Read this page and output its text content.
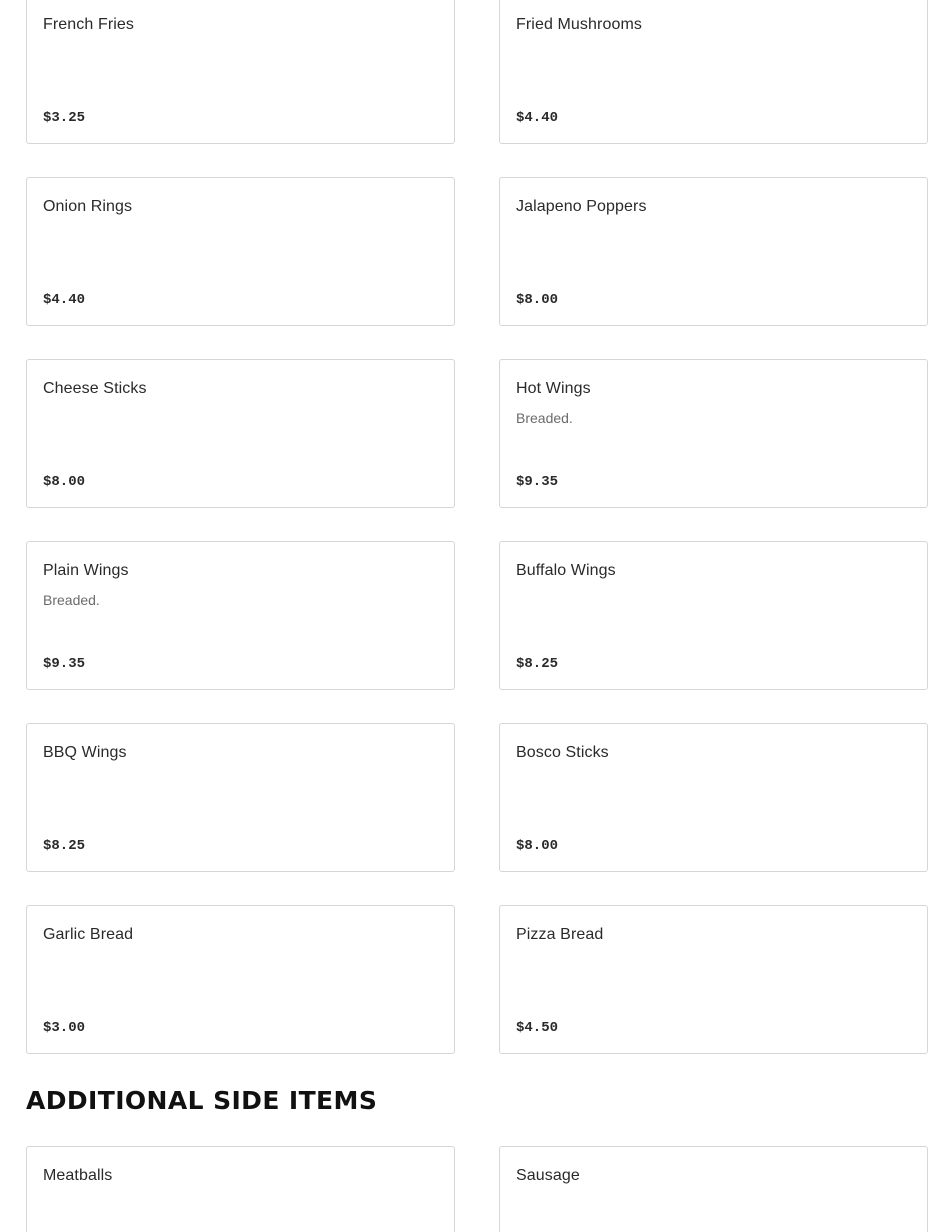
French Fries
$3.25
Fried Mushrooms
$4.40
Onion Rings
$4.40
Jalapeno Poppers
$8.00
Cheese Sticks
$8.00
Hot Wings
Breaded.
$9.35
Plain Wings
Breaded.
$9.35
Buffalo Wings
$8.25
BBQ Wings
$8.25
Bosco Sticks
$8.00
Garlic Bread
$3.00
Pizza Bread
$4.50
ADDITIONAL SIDE ITEMS
Meatballs	Sausage
